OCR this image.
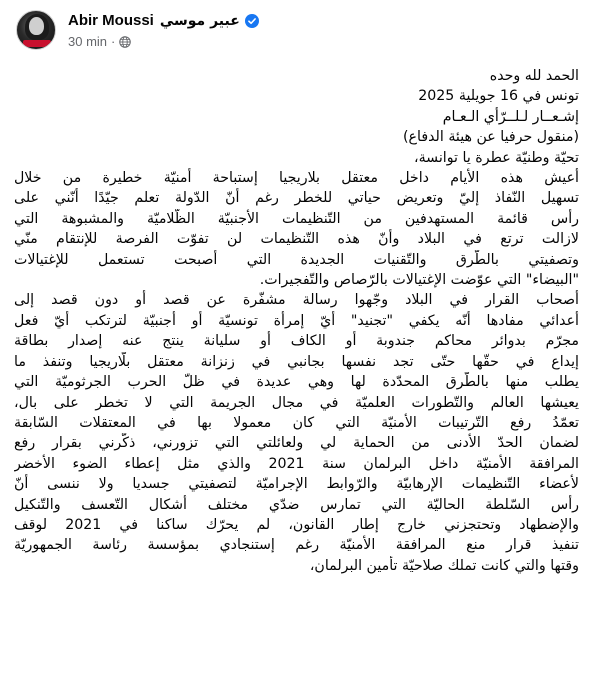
Abir Moussi عبير موسي
30 min ·
الحمد لله وحده
تونس في 16 جويلية 2025
إشـعــار لـلــرّأي الـعـام
(منقول حرفيا عن هيئة الدفاع)
تحيّة وطنيّة عطرة يا توانسة،
أعيش هذه الأيام داخل معتقل بلاريجيا إستباحة أمنيّة خطيرة من خلال
تسهيل النّفاذ إليّ وتعريض حياتي للخطر رغم أنّ الدّولة تعلم جيّدًا أنّني على
رأس قائمة المستهدفين من التّنظيمات الأجنبيّة الظّلاميّة والمشبوهة التي
لازالت ترتع في البلاد وأنّ هذه التّنظيمات لن تفوّت الفرصة للإنتقام منّي
وتصفيتي بالطّرق والتّقنيات الجديدة التي أصبحت تستعمل للإغتيالات
"البيضاء" التي عوّضت الإغتيالات بالرّصاص والتّفجيرات.
أصحاب القرار في البلاد وجّهوا رسالة مشفّرة عن قصد أو دون قصد إلى
أعدائي مفادها أنّه يكفي "تجنيد" أيّ إمرأة تونسيّة أو أجنبيّة لترتكب أيّ فعل
مجرّم بدوائر محاكم جندوبة أو الكاف أو سليانة ينتج عنه إصدار بطاقة
إيداع في حقّها حتّى تجد نفسها بجانبي في زنزانة معتقل بلّاريجيا وتنفذ ما
يطلب منها بالطّرق المحدّدة لها وهي عديدة في ظلّ الحرب الجرثوميّة التي
يعيشها العالم والتّطورات العلميّة في مجال الجريمة التي لا تخطر على بال،
تعمّدُ رفع التّرتيبات الأمنيّة التي كان معمولا بها في المعتقلات السّابقة
لضمان الحدّ الأدنى من الحماية لي ولعائلتي التي تزورني، ذكّرني بقرار رفع
المرافقة الأمنيّة داخل البرلمان سنة 2021 والذي مثل إعطاء الضوء الأخضر
لأعضاء التّنظيمات الإرهابيّة والرّوابط الإجراميّة لتصفيتي جسديا ولا ننسى أنّ
رأس السّلطة الحاليّة التي تمارس ضدّي مختلف أشكال التّعسف والتّنكيل
والإضطهاد وتحتجزني خارج إطار القانون، لم يحرّك ساكنا في 2021 لوقف
تنفيذ قرار منع المرافقة الأمنيّة رغم إستنجادي بمؤسسة رئاسة الجمهوريّة
وقتها والتي كانت تملك صلاحيّة تأمين البرلمان،
